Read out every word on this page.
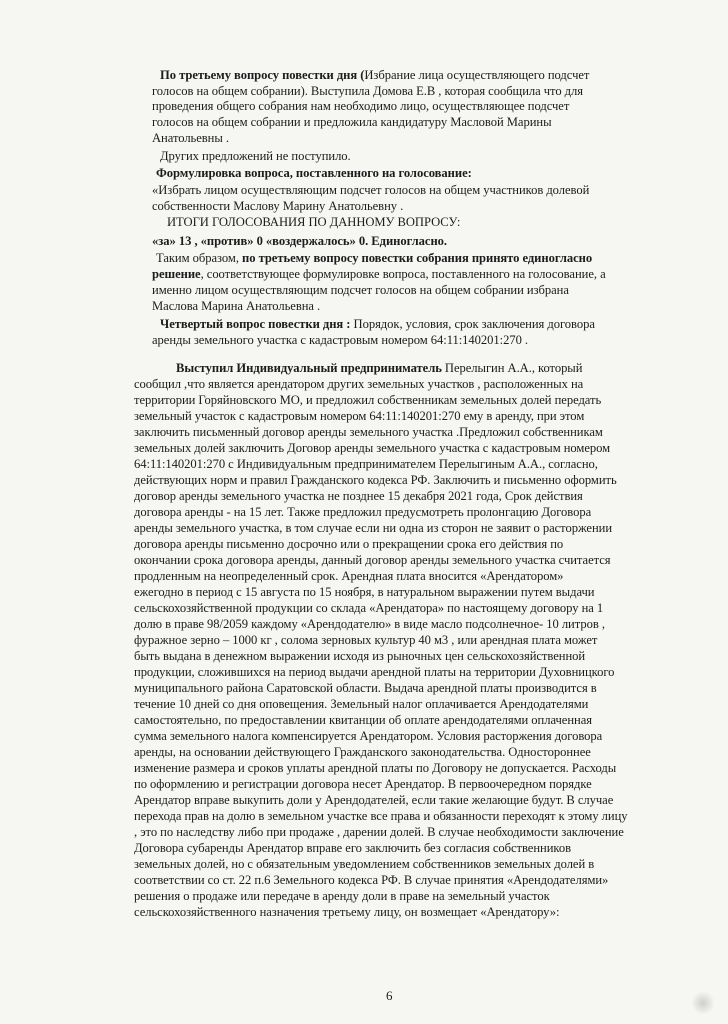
По третьему вопросу повестки дня (Избрание лица осуществляющего подсчет
голосов на общем собрании). Выступила Домова Е.В , которая сообщила что для
проведения общего собрания нам необходимо лицо, осуществляющее подсчет
голосов на общем собрании и предложила кандидатуру Масловой Марины
Анатольевны .
Других предложений не поступило.
Формулировка вопроса, поставленного на голосование:
«Избрать лицом осуществляющим подсчет голосов на общем участников долевой
собственности Маслову Марину Анатольевну .
ИТОГИ ГОЛОСОВАНИЯ ПО ДАННОМУ ВОПРОСУ:
«за» 13 , «против» 0 «воздержалось» 0. Единогласно.
Таким образом, по третьему вопросу повестки собрания принято единогласно
решение, соответствующее формулировке вопроса, поставленного на голосование, а
именно лицом осуществляющим подсчет голосов на общем собрании избрана
Маслова Марина Анатольевна .
Четвертый вопрос повестки дня : Порядок, условия, срок заключения договора
аренды земельного участка с кадастровым номером 64:11:140201:270 .
Выступил Индивидуальный предприниматель Перелыгин А.А., который
сообщил ,что является арендатором других земельных участков , расположенных на
территории Горяйновского МО, и предложил собственникам земельных долей передать
земельный участок с кадастровым номером 64:11:140201:270 ему в аренду, при этом
заключить письменный договор аренды земельного участка .Предложил собственникам
земельных долей заключить Договор аренды земельного участка с кадастровым номером
64:11:140201:270 с Индивидуальным предпринимателем Перелыгиным А.А., согласно,
действующих норм и правил Гражданского кодекса РФ. Заключить и письменно оформить
договор аренды земельного участка не позднее 15 декабря 2021 года, Срок действия
договора аренды - на 15 лет. Также предложил предусмотреть пролонгацию Договора
аренды земельного участка, в том случае если ни одна из сторон не заявит о расторжении
договора аренды письменно досрочно или о прекращении срока его действия по
окончании срока договора аренды, данный договор аренды земельного участка считается
продленным на неопределенный срок. Арендная плата вносится «Арендатором»
ежегодно в период с 15 августа по 15 ноября, в натуральном выражении путем выдачи
сельскохозяйственной продукции со склада «Арендатора» по настоящему договору на 1
долю в праве 98/2059 каждому «Арендодателю» в виде масло подсолнечное- 10 литров ,
фуражное зерно – 1000 кг , солома зерновых культур 40 м3 , или арендная плата может
быть выдана в денежном выражении исходя из рыночных цен сельскохозяйственной
продукции, сложившихся на период выдачи арендной платы на территории Духовницкого
муниципального района Саратовской области. Выдача арендной платы производится в
течение 10 дней со дня оповещения. Земельный налог оплачивается Арендодателями
самостоятельно, по предоставлении квитанции об оплате арендодателями оплаченная
сумма земельного налога компенсируется Арендатором. Условия расторжения договора
аренды, на основании действующего Гражданского законодательства. Одностороннее
изменение размера и сроков уплаты арендной платы по Договору не допускается. Расходы
по оформлению и регистрации договора несет Арендатор. В первоочередном порядке
Арендатор вправе выкупить доли у Арендодателей, если такие желающие будут. В случае
перехода прав на долю в земельном участке все права и обязанности переходят к этому лицу
, это по наследству либо при продаже , дарении долей. В случае необходимости заключение
Договора субаренды Арендатор вправе его заключить без согласия собственников
земельных долей, но с обязательным уведомлением собственников земельных долей в
соответствии со ст. 22 п.6 Земельного кодекса РФ. В случае принятия «Арендодателями»
решения о продаже или передаче в аренду доли в праве на земельный участок
сельскохозяйственного назначения третьему лицу, он возмещает «Арендатору»:
6
